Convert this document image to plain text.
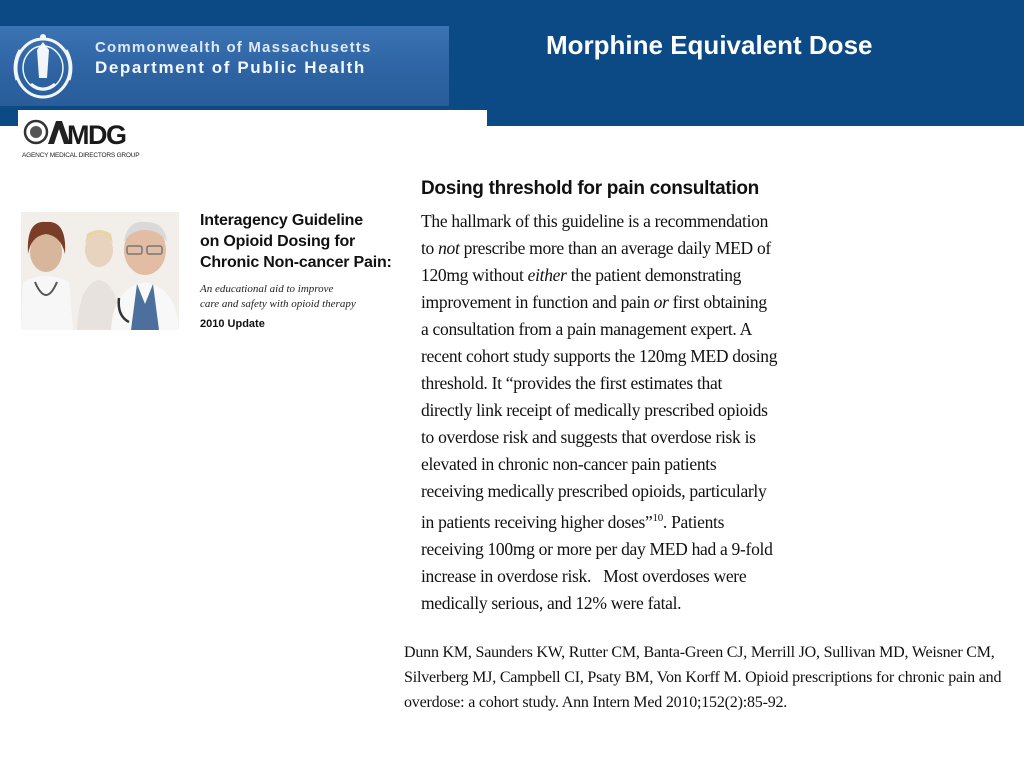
Commonwealth of Massachusetts
Department of Public Health
Morphine Equivalent Dose
MDG
AGENCY MEDICAL DIRECTORS GROUP
Interagency Guideline
on Opioid Dosing for
Chronic Non-cancer Pain:
An educational aid to improve
care and safety with opioid therapy
2010 Update
Dosing threshold for pain consultation
The hallmark of this guideline is a recommendation
to not prescribe more than an average daily MED of
120mg without either the patient demonstrating
improvement in function and pain or first obtaining
a consultation from a pain management expert. A
recent cohort study supports the 120mg MED dosing
threshold. It “provides the first estimates that
directly link receipt of medically prescribed opioids
to overdose risk and suggests that overdose risk is
elevated in chronic non-cancer pain patients
receiving medically prescribed opioids, particularly
in patients receiving higher doses”$^{10}$. Patients
receiving 100mg or more per day MED had a 9-fold
increase in overdose risk.   Most overdoses were
medically serious, and 12% were fatal.
Dunn KM, Saunders KW, Rutter CM, Banta-Green CJ, Merrill JO, Sullivan MD, Weisner CM,
Silverberg MJ, Campbell CI, Psaty BM, Von Korff M. Opioid prescriptions for chronic pain and
overdose: a cohort study. Ann Intern Med 2010;152(2):85-92.
